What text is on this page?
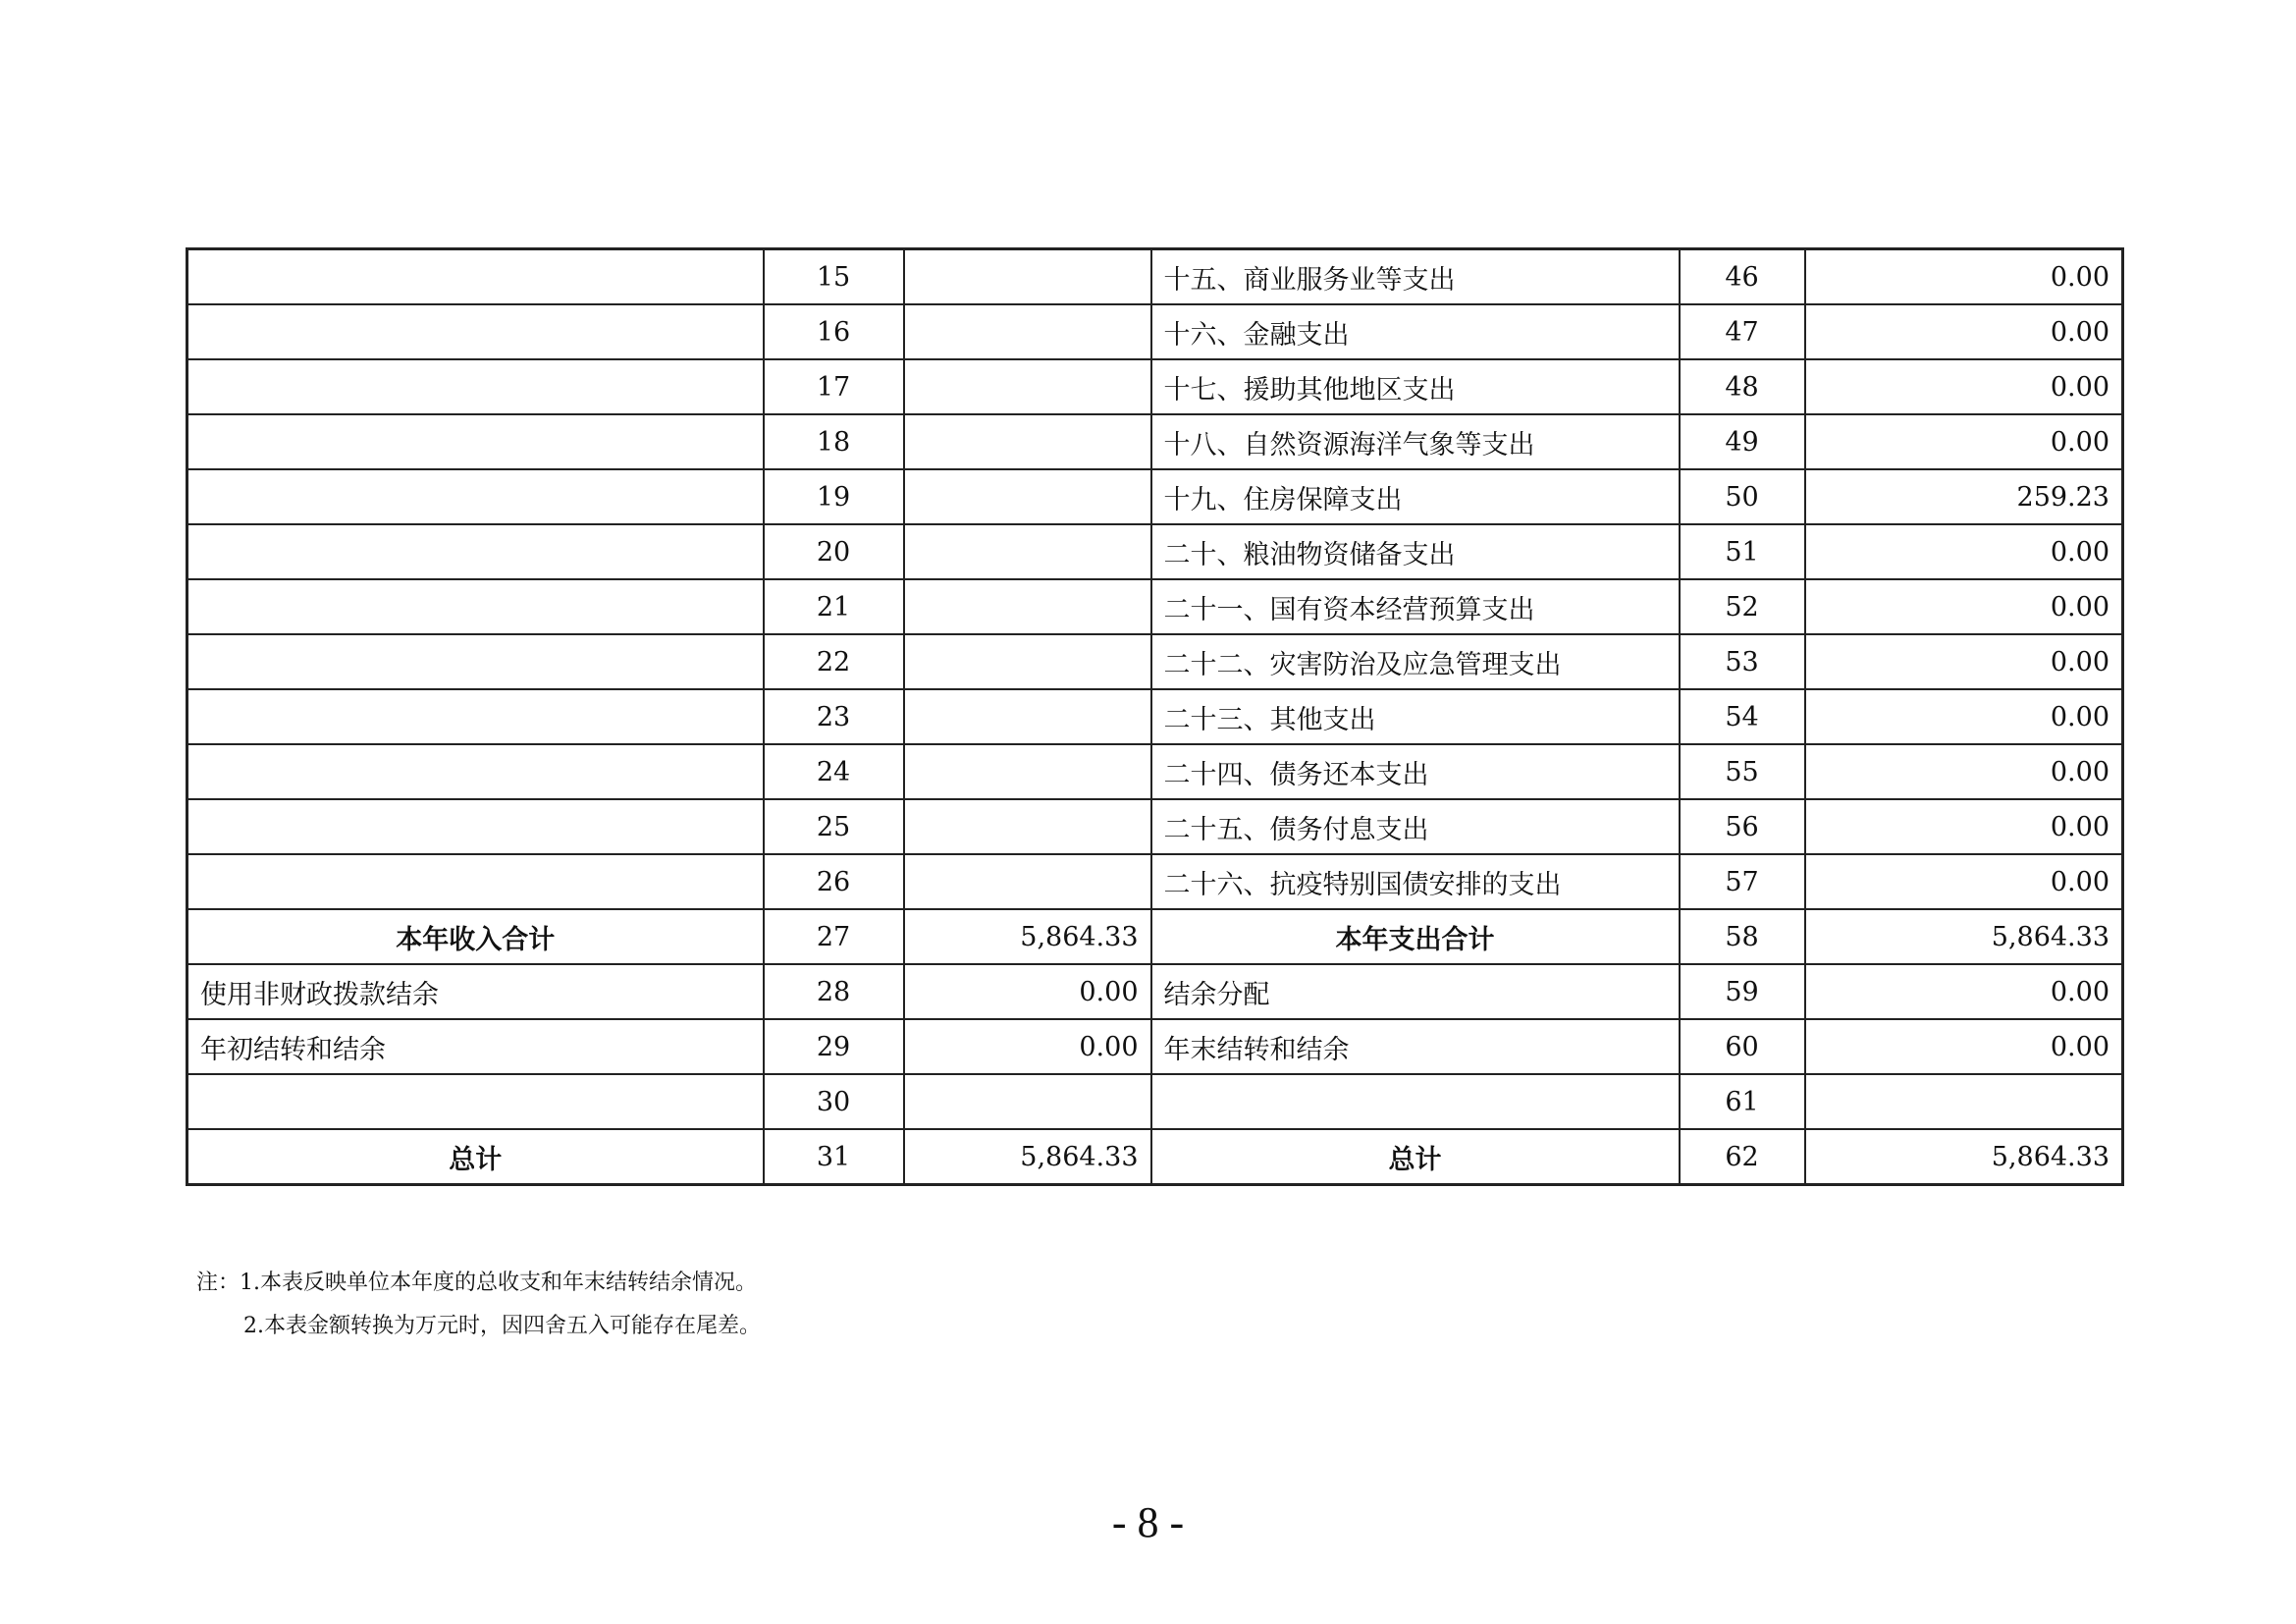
	15		十五、商业服务业等支出	46	0.00
	16		十六、金融支出	47	0.00
	17		十七、援助其他地区支出	48	0.00
	18		十八、自然资源海洋气象等支出	49	0.00
	19		十九、住房保障支出	50	259.23
	20		二十、粮油物资储备支出	51	0.00
	21		二十一、国有资本经营预算支出	52	0.00
	22		二十二、灾害防治及应急管理支出	53	0.00
	23		二十三、其他支出	54	0.00
	24		二十四、债务还本支出	55	0.00
	25		二十五、债务付息支出	56	0.00
	26		二十六、抗疫特别国债安排的支出	57	0.00
本年收入合计	27	5,864.33	本年支出合计	58	5,864.33
使用非财政拨款结余	28	0.00	结余分配	59	0.00
年初结转和结余	29	0.00	年末结转和结余	60	0.00
	30			61	
总计	31	5,864.33	总计	62	5,864.33
注：1.本表反映单位本年度的总收支和年末结转结余情况。
2.本表金额转换为万元时，因四舍五入可能存在尾差。
- 8 -
